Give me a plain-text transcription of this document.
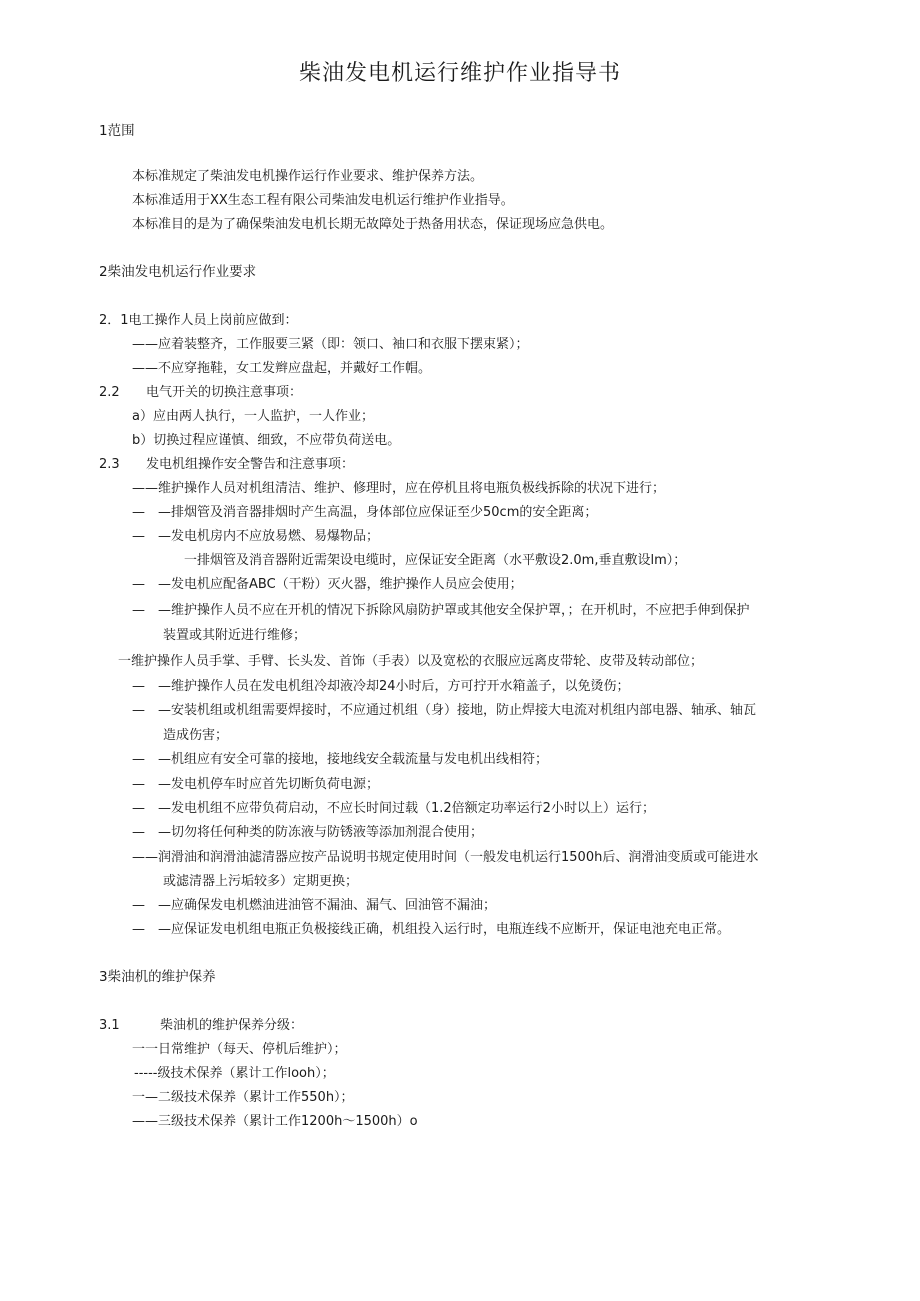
柴油发电机运行维护作业指导书

1范围

本标准规定了柴油发电机操作运行作业要求、维护保养方法。

本标准适用于XX生态工程有限公司柴油发电机运行维护作业指导。

本标准目的是为了确保柴油发电机长期无故障处于热备用状态，保证现场应急供电。

2柴油发电机运行作业要求

2．1电工操作人员上岗前应做到：

——应着装整齐，工作服要三紧（即：领口、袖口和衣服下摆束紧）；

——不应穿拖鞋，女工发辫应盘起，并戴好工作帽。

2.2 电气开关的切换注意事项：

a）应由两人执行，一人监护，一人作业；

b）切换过程应谨慎、细致，不应带负荷送电。

2.3 发电机组操作安全警告和注意事项：

——维护操作人员对机组清洁、维护、修理时，应在停机且将电瓶负极线拆除的状况下进行；

—　—排烟管及消音器排烟时产生高温，身体部位应保证至少50cm的安全距离；

—　—发电机房内不应放易燃、易爆物品；

一排烟管及消音器附近需架设电缆时，应保证安全距离（水平敷设2.0m,垂直敷设lm）；

—　—发电机应配备ABC（干粉）灭火器，维护操作人员应会使用；

—　—维护操作人员不应在开机的情况下拆除风扇防护罩或其他安全保护罩，；在开机时，不应把手伸到保护

装置或其附近进行维修；

一维护操作人员手掌、手臂、长头发、首饰（手表）以及宽松的衣服应远离皮带轮、皮带及转动部位；

—　—维护操作人员在发电机组冷却液冷却24小时后，方可拧开水箱盖子，以免烫伤；

—　—安装机组或机组需要焊接时，不应通过机组（身）接地，防止焊接大电流对机组内部电器、轴承、轴瓦

造成伤害；

—　—机组应有安全可靠的接地，接地线安全载流量与发电机出线相符；

—　—发电机停车时应首先切断负荷电源；

—　—发电机组不应带负荷启动，不应长时间过载（1.2倍额定功率运行2小时以上）运行；

—　—切勿将任何种类的防冻液与防锈液等添加剂混合使用；

——润滑油和润滑油滤清器应按产品说明书规定使用时间（一般发电机运行1500h后、润滑油变质或可能进水

或滤清器上污垢较多）定期更换；

—　—应确保发电机燃油进油管不漏油、漏气、回油管不漏油；

—　—应保证发电机组电瓶正负极接线正确，机组投入运行时，电瓶连线不应断开，保证电池充电正常。

3柴油机的维护保养

3.1	柴油机的维护保养分级：

一一日常维护（每天、停机后维护）；

-----级技术保养（累计工作looh）；

一—二级技术保养（累计工作550h）；

——三级技术保养（累计工作1200h～1500h）o
